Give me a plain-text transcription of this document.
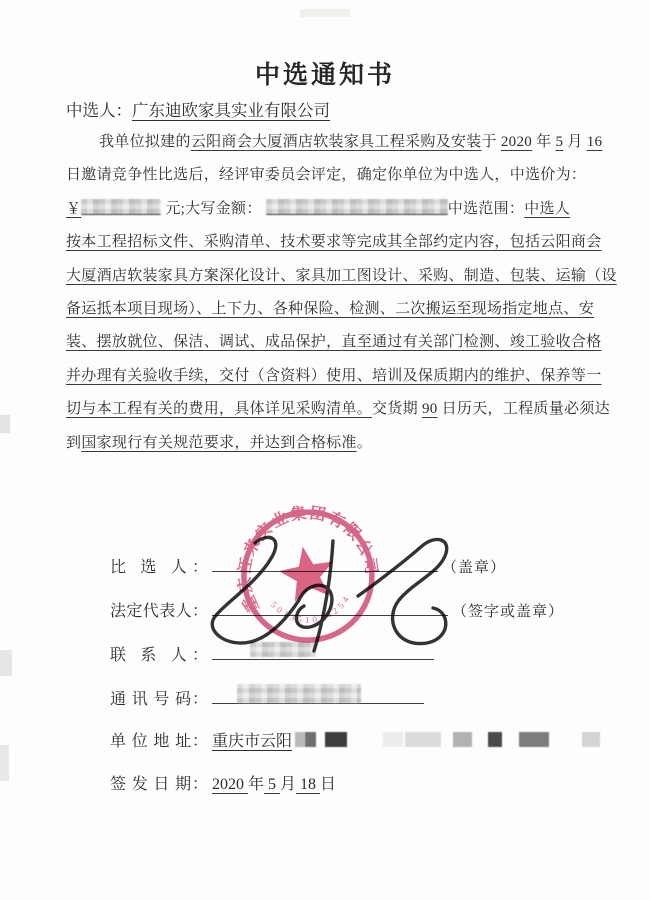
中选通知书
中选人：广东迪欧家具实业有限公司
我单位拟建的云阳商会大厦酒店软装家具工程采购及安装于 2020 年 5 月 16
日邀请竞争性比选后，经评审委员会评定，确定你单位为中选人，中选价为：
￥	元;大写金额：	中选范围：中选人
按本工程招标文件、采购清单、技术要求等完成其全部约定内容，包括云阳商会
大厦酒店软装家具方案深化设计、家具加工图设计、采购、制造、包装、运输（设
备运抵本项目现场）、上下力、各种保险、检测、二次搬运至现场指定地点、安
装、摆放就位、保洁、调试、成品保护，直至通过有关部门检测、竣工验收合格
并办理有关验收手续，交付（含资料）使用、培训及保质期内的维护、保养等一
切与本工程有关的费用，具体详见采购清单。交货期 90 日历天，工程质量必须达
到国家现行有关规范要求，并达到合格标准。
比 选 人：	（盖章）
法定代表人：	（签字或盖章）
联 系 人：
通 讯 号 码：
单 位 地 址： 重庆市云阳
签 发 日 期： 2020 年 5 月 18 日
重庆江来实业集团有限公司
501351034254
